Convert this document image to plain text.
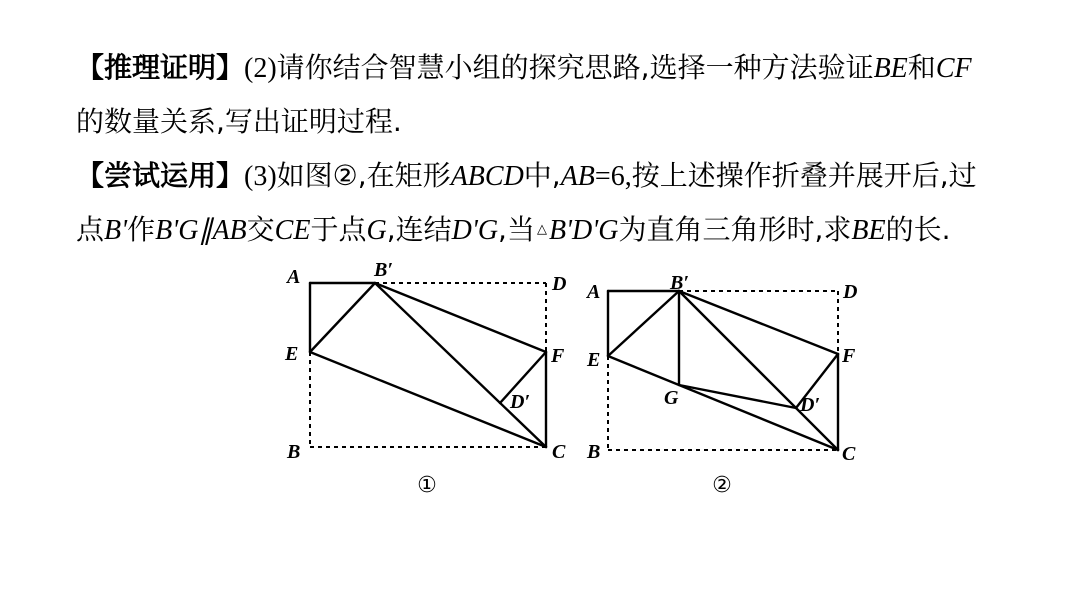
【推理证明】(2)请你结合智慧小组的探究思路,选择一种方法验证BE和CF
的数量关系,写出证明过程.
【尝试运用】(3)如图②,在矩形ABCD中,AB=6,按上述操作折叠并展开后,过
点B'作B'G∥AB交CE于点G,连结D'G,当 △B'D'G为直角三角形时,求BE的长.
A	B′
D
E	F
D′
B	C
①
A	B′	D
E	F
G	D′
B	C
②
